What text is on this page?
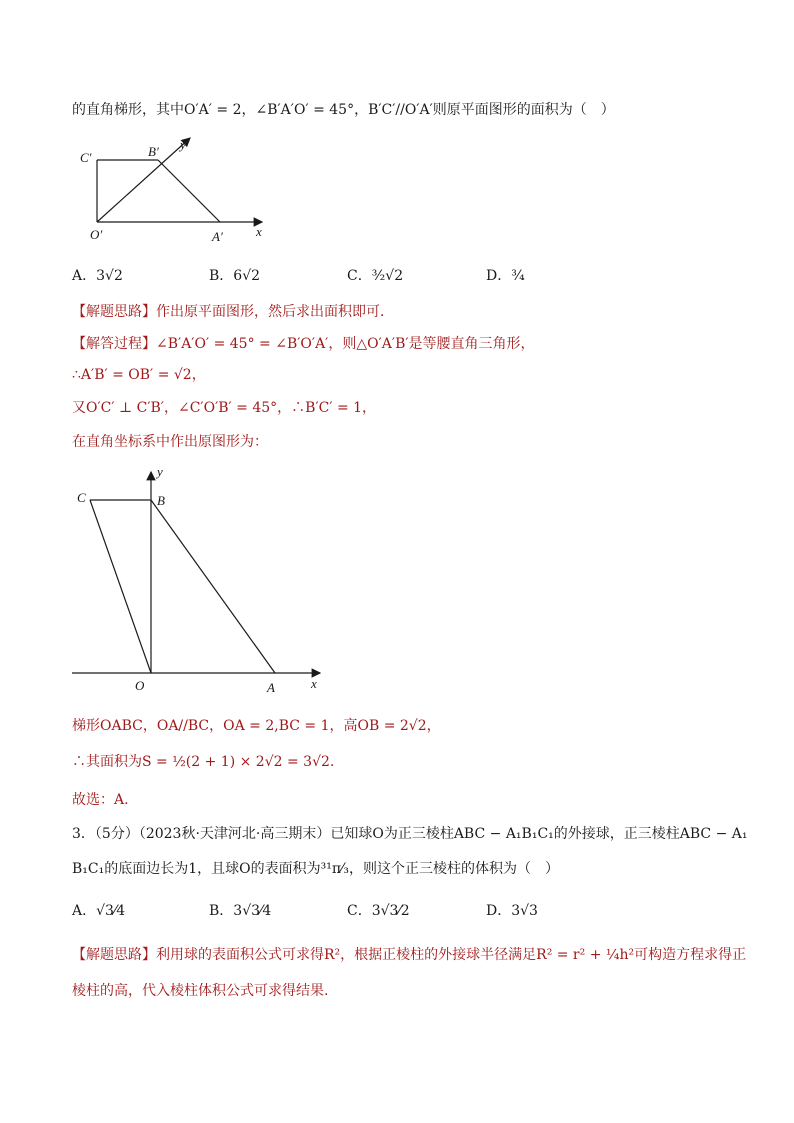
的直角梯形，其中O′A′ = 2，∠B′A′O′ = 45°，B′C′//O′A′则原平面图形的面积为（　）
C′	B′ y′
O′	A′	x
A．3√2	B．6√2	C．³⁄₂√2	D．³⁄₄
【解题思路】作出原平面图形，然后求出面积即可．
【解答过程】∠B′A′O′ = 45° = ∠B′O′A′，则△O′A′B′是等腰直角三角形，
∴A′B′ = OB′ = √2，
又O′C′ ⊥ C′B′，∠C′O′B′ = 45°，∴B′C′ = 1，
在直角坐标系中作出原图形为：
C	B
y
O	A	x
梯形OABC，OA//BC，OA = 2,BC = 1，高OB = 2√2，
∴其面积为S = ½(2 + 1) × 2√2 = 3√2.
故选：A.
3．（5分）（2023秋·天津河北·高三期末）已知球O为正三棱柱ABC − A₁B₁C₁的外接球，正三棱柱ABC − A₁
B₁C₁的底面边长为1，且球O的表面积为³¹π⁄₃，则这个正三棱柱的体积为（　）
A．√3⁄4	B．3√3⁄4	C．3√3⁄2	D．3√3
【解题思路】利用球的表面积公式可求得R²，根据正棱柱的外接球半径满足R² = r² + ¼h²可构造方程求得正
棱柱的高，代入棱柱体积公式可求得结果.
